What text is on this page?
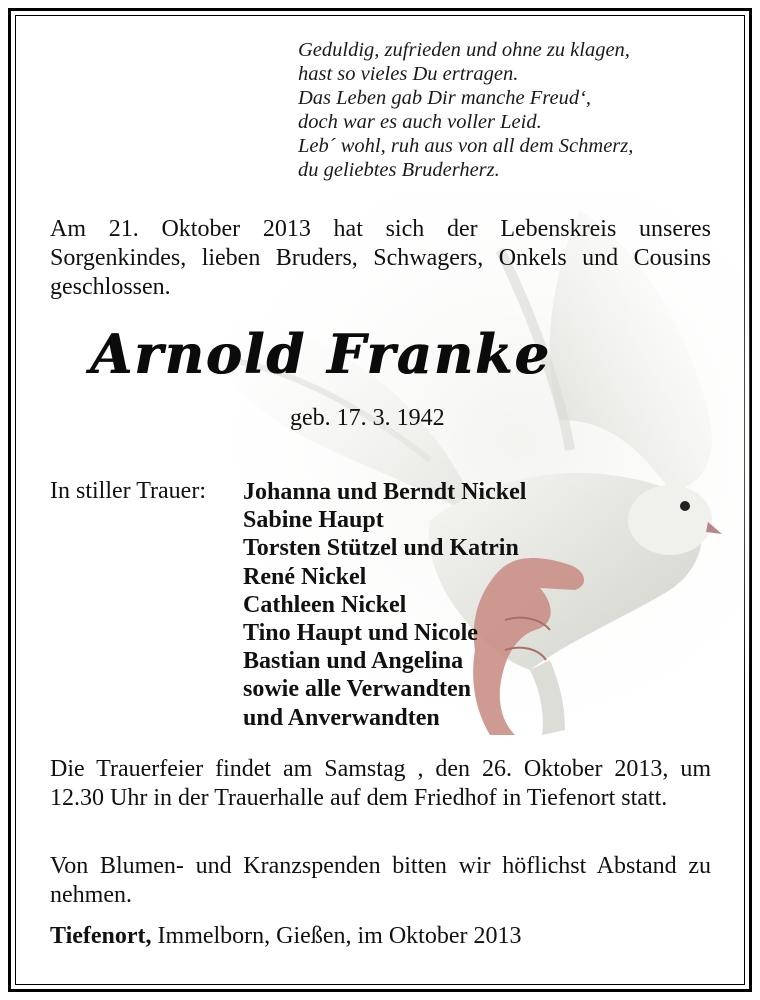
Geduldig, zufrieden und ohne zu klagen,
hast so vieles Du ertragen.
Das Leben gab Dir manche Freud‘,
doch war es auch voller Leid.
Leb´ wohl, ruh aus von all dem Schmerz,
du geliebtes Bruderherz.
Am 21. Oktober 2013 hat sich der Lebenskreis unseres Sorgenkindes, lieben Bruders, Schwagers, Onkels und Cousins geschlossen.
Arnold Franke
geb. 17. 3. 1942
In stiller Trauer: Johanna und Berndt Nickel
Sabine Haupt
Torsten Stützel und Katrin
René Nickel
Cathleen Nickel
Tino Haupt und Nicole
Bastian und Angelina
sowie alle Verwandten
und Anverwandten
Die Trauerfeier findet am Samstag , den 26. Oktober 2013, um 12.30 Uhr in der Trauerhalle auf dem Friedhof in Tiefenort statt.
Von Blumen- und Kranzspenden bitten wir höflichst Abstand zu nehmen.
Tiefenort, Immelborn, Gießen, im Oktober 2013
